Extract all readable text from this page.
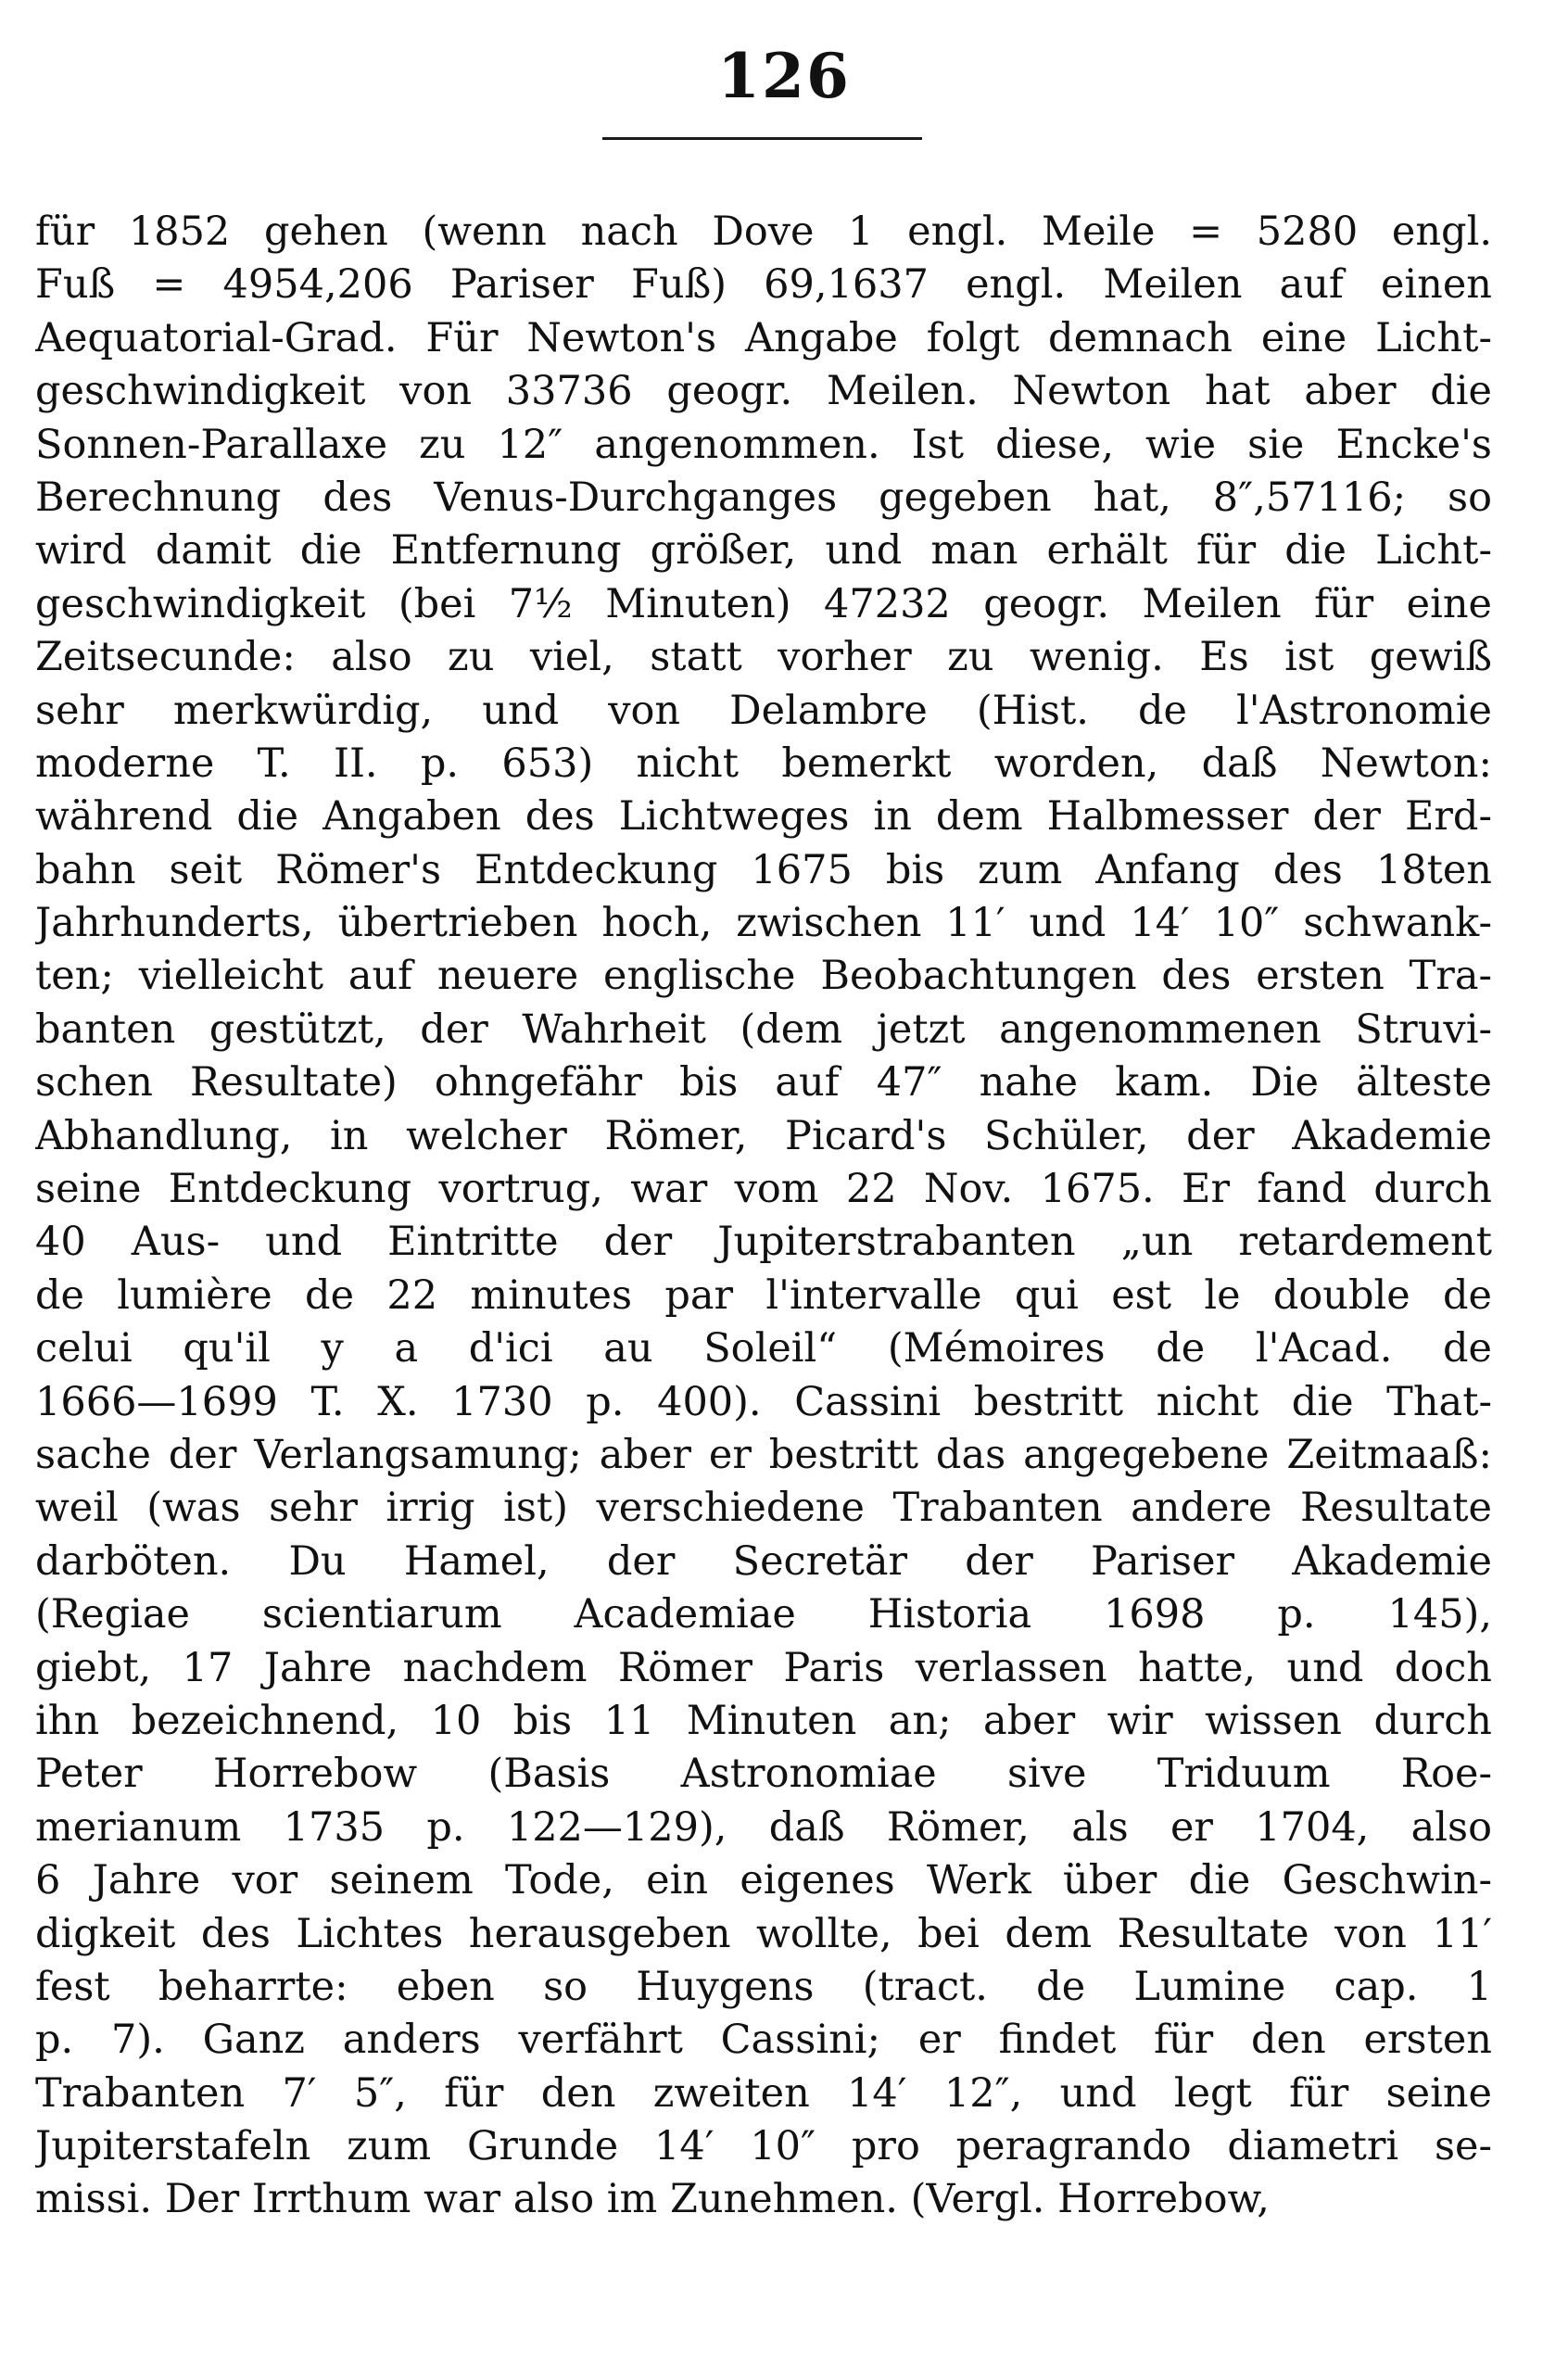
126
für 1852 gehen (wenn nach Dove 1 engl. Meile = 5280 engl.
Fuß = 4954,206 Pariser Fuß) 69,1637 engl. Meilen auf einen
Aequatorial-Grad. Für Newton's Angabe folgt demnach eine Licht-
geschwindigkeit von 33736 geogr. Meilen. Newton hat aber die
Sonnen-Parallaxe zu 12″ angenommen. Ist diese, wie sie Encke's
Berechnung des Venus-Durchganges gegeben hat, 8″,57116; so
wird damit die Entfernung größer, und man erhält für die Licht-
geschwindigkeit (bei 7½ Minuten) 47232 geogr. Meilen für eine
Zeitsecunde: also zu viel, statt vorher zu wenig. Es ist gewiß
sehr merkwürdig, und von Delambre (Hist. de l'Astronomie
moderne T. II. p. 653) nicht bemerkt worden, daß Newton:
während die Angaben des Lichtweges in dem Halbmesser der Erd-
bahn seit Römer's Entdeckung 1675 bis zum Anfang des 18ten
Jahrhunderts, übertrieben hoch, zwischen 11′ und 14′ 10″ schwank-
ten; vielleicht auf neuere englische Beobachtungen des ersten Tra-
banten gestützt, der Wahrheit (dem jetzt angenommenen Struvi-
schen Resultate) ohngefähr bis auf 47″ nahe kam. Die älteste
Abhandlung, in welcher Römer, Picard's Schüler, der Akademie
seine Entdeckung vortrug, war vom 22 Nov. 1675. Er fand durch
40 Aus- und Eintritte der Jupiterstrabanten „un retardement
de lumière de 22 minutes par l'intervalle qui est le double de
celui qu'il y a d'ici au Soleil“ (Mémoires de l'Acad. de
1666—1699 T. X. 1730 p. 400). Cassini bestritt nicht die That-
sache der Verlangsamung; aber er bestritt das angegebene Zeitmaaß:
weil (was sehr irrig ist) verschiedene Trabanten andere Resultate
darböten. Du Hamel, der Secretär der Pariser Akademie
(Regiae scientiarum Academiae Historia 1698 p. 145),
giebt, 17 Jahre nachdem Römer Paris verlassen hatte, und doch
ihn bezeichnend, 10 bis 11 Minuten an; aber wir wissen durch
Peter Horrebow (Basis Astronomiae sive Triduum Roe-
merianum 1735 p. 122—129), daß Römer, als er 1704, also
6 Jahre vor seinem Tode, ein eigenes Werk über die Geschwin-
digkeit des Lichtes herausgeben wollte, bei dem Resultate von 11′
fest beharrte: eben so Huygens (tract. de Lumine cap. 1
p. 7). Ganz anders verfährt Cassini; er findet für den ersten
Trabanten 7′ 5″, für den zweiten 14′ 12″, und legt für seine
Jupiterstafeln zum Grunde 14′ 10″ pro peragrando diametri se-
missi. Der Irrthum war also im Zunehmen. (Vergl. Horrebow,
